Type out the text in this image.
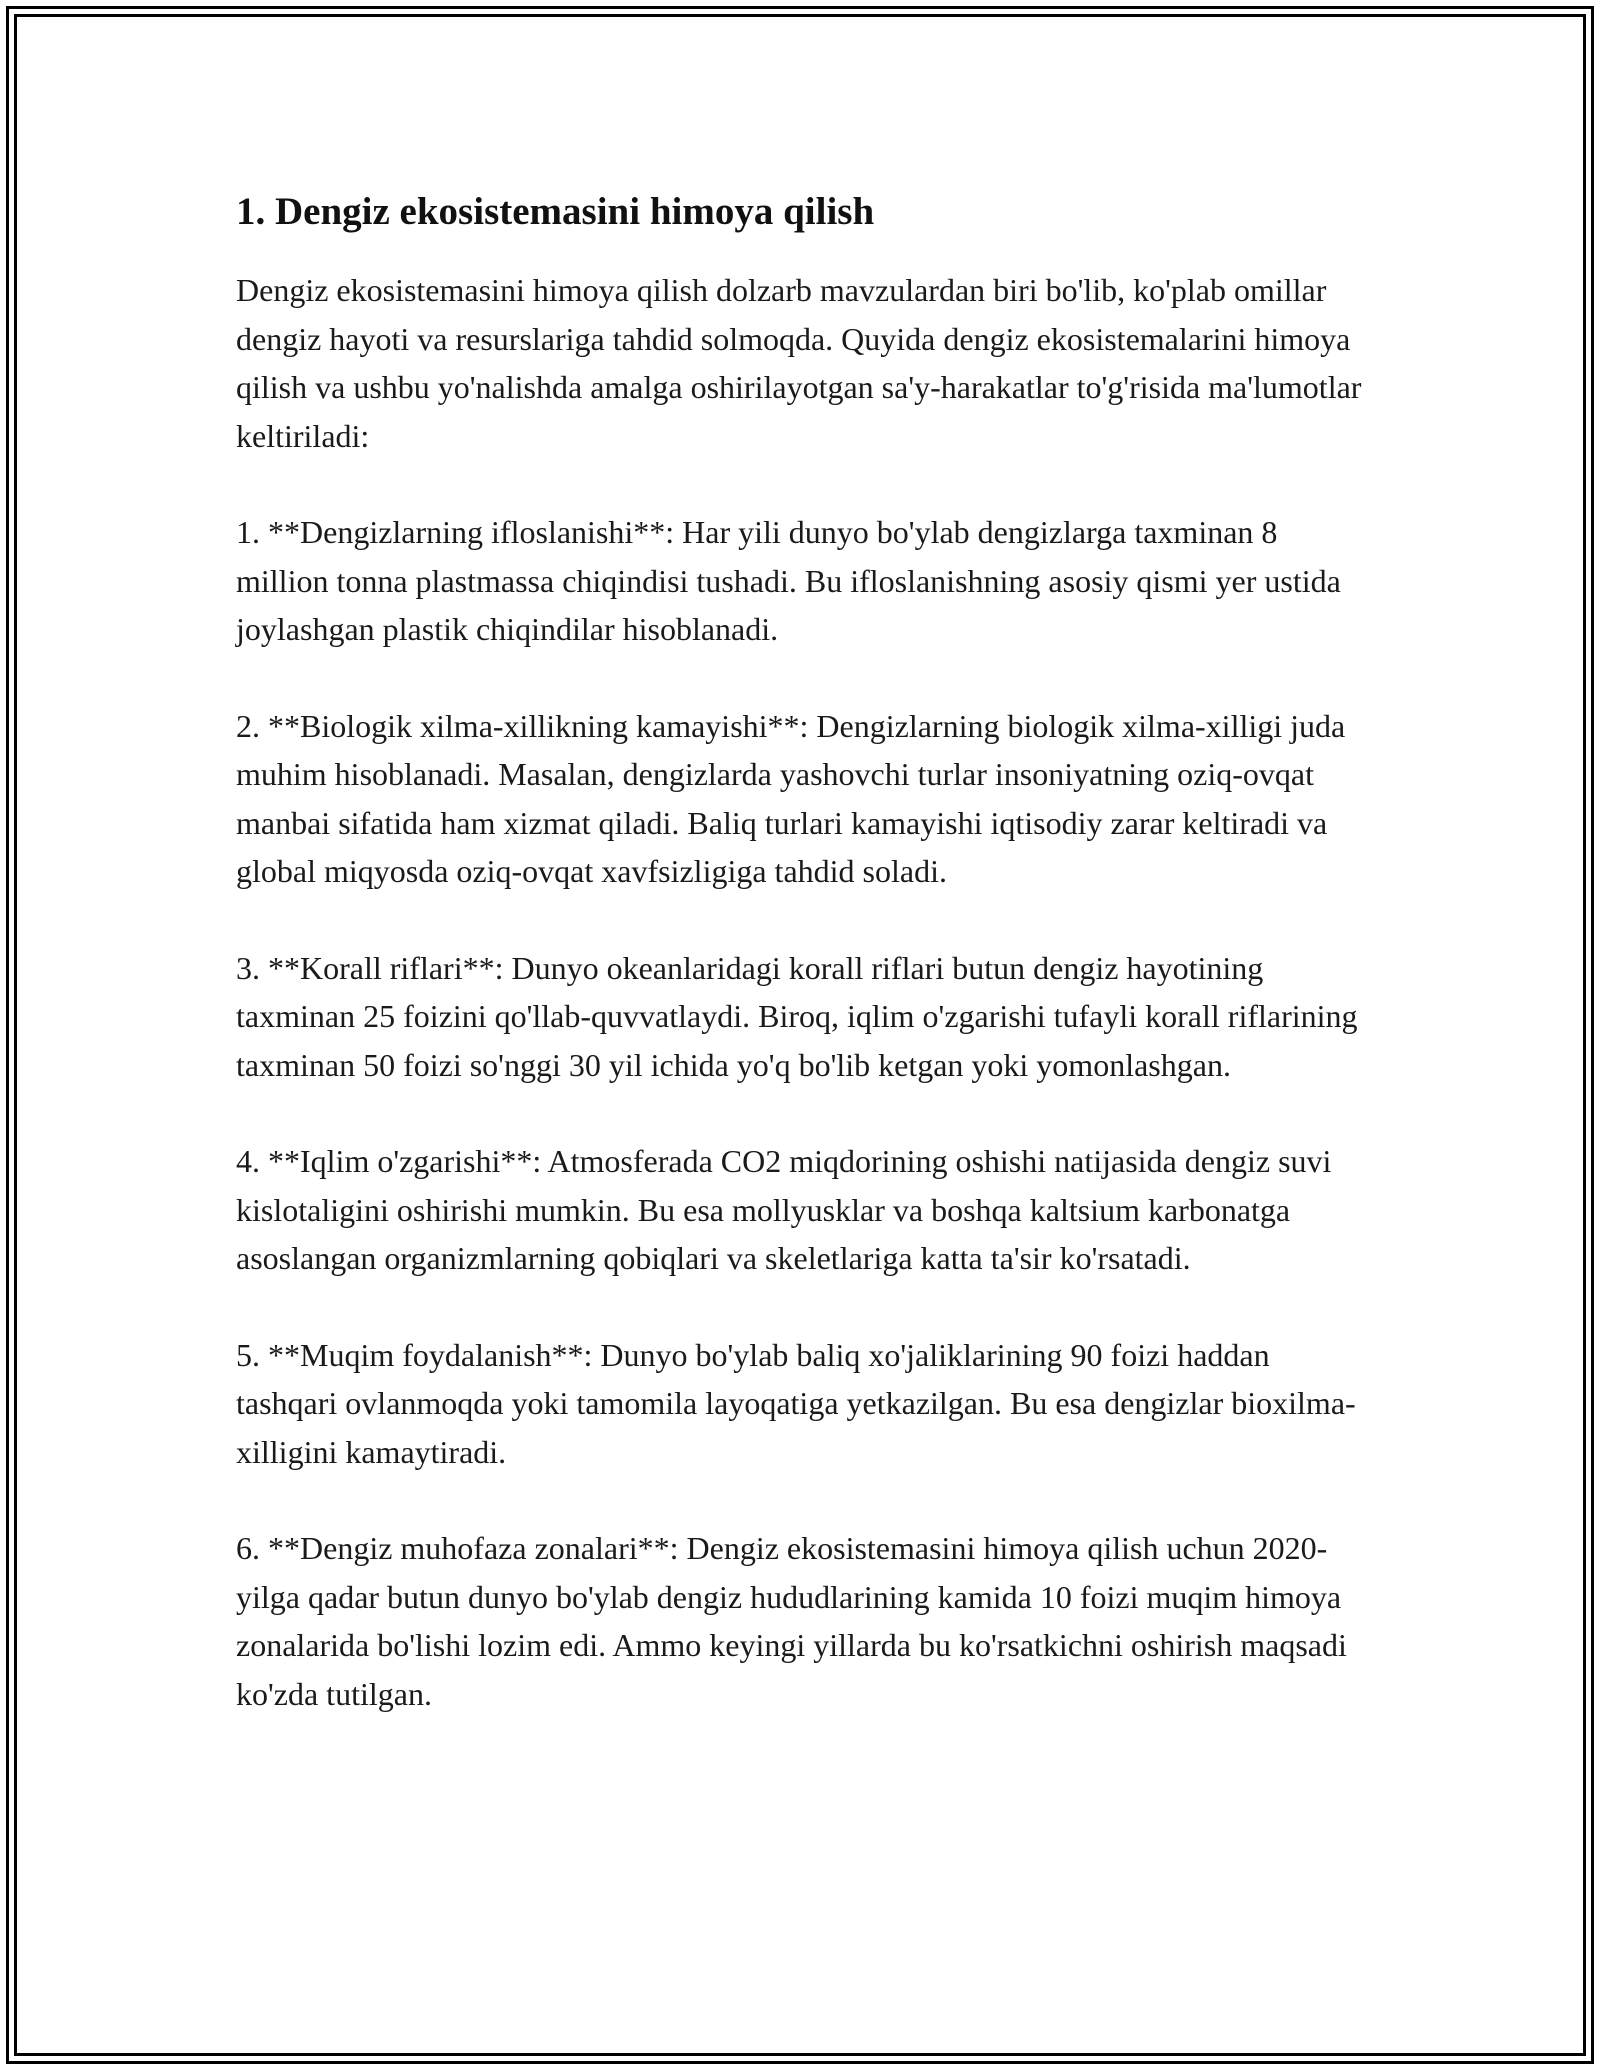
1. Dengiz ekosistemasini himoya qilish

Dengiz ekosistemasini himoya qilish dolzarb mavzulardan biri bo'lib, ko'plab omillar dengiz hayoti va resurslariga tahdid solmoqda. Quyida dengiz ekosistemalarini himoya qilish va ushbu yo'nalishda amalga oshirilayotgan sa'y-harakatlar to'g'risida ma'lumotlar keltiriladi:

1. **Dengizlarning ifloslanishi**: Har yili dunyo bo'ylab dengizlarga taxminan 8 million tonna plastmassa chiqindisi tushadi. Bu ifloslanishning asosiy qismi yer ustida joylashgan plastik chiqindilar hisoblanadi.

2. **Biologik xilma-xillikning kamayishi**: Dengizlarning biologik xilma-xilligi juda muhim hisoblanadi. Masalan, dengizlarda yashovchi turlar insoniyatning oziq-ovqat manbai sifatida ham xizmat qiladi. Baliq turlari kamayishi iqtisodiy zarar keltiradi va global miqyosda oziq-ovqat xavfsizligiga tahdid soladi.

3. **Korall riflari**: Dunyo okeanlaridagi korall riflari butun dengiz hayotining taxminan 25 foizini qo'llab-quvvatlaydi. Biroq, iqlim o'zgarishi tufayli korall riflarining taxminan 50 foizi so'nggi 30 yil ichida yo'q bo'lib ketgan yoki yomonlashgan.

4. **Iqlim o'zgarishi**: Atmosferada CO2 miqdorining oshishi natijasida dengiz suvi kislotaligini oshirishi mumkin. Bu esa mollyusklar va boshqa kaltsium karbonatga asoslangan organizmlarning qobiqlari va skeletlariga katta ta'sir ko'rsatadi.

5. **Muqim foydalanish**: Dunyo bo'ylab baliq xo'jaliklarining 90 foizi haddan tashqari ovlanmoqda yoki tamomila layoqatiga yetkazilgan. Bu esa dengizlar bioxilma-xilligini kamaytiradi.

6. **Dengiz muhofaza zonalari**: Dengiz ekosistemasini himoya qilish uchun 2020-yilga qadar butun dunyo bo'ylab dengiz hududlarining kamida 10 foizi muqim himoya zonalarida bo'lishi lozim edi. Ammo keyingi yillarda bu ko'rsatkichni oshirish maqsadi ko'zda tutilgan.
